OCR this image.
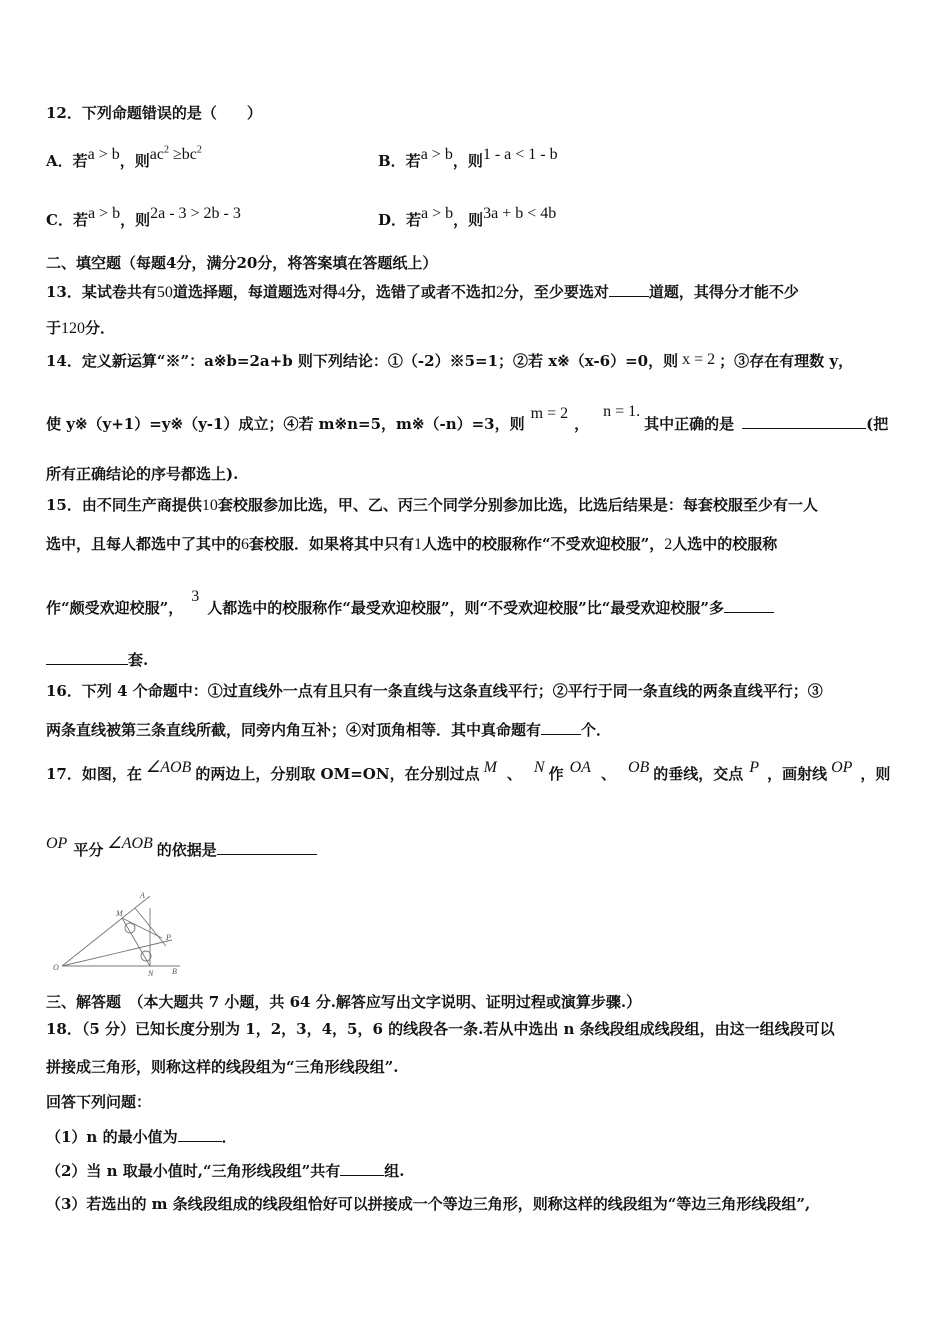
12．下列命题错误的是（　　）
A．若a > b，则$ac^2 \ge bc^2$
B．若a > b，则1 - a < 1 - b
C．若a > b，则2a - 3 > 2b - 3	D．若a > b，则3a + b < 4b
二、填空题（每题4分，满分20分，将答案填在答题纸上）
13．某试卷共有50道选择题，每道题选对得4分，选错了或者不选扣2分，至少要选对	道题，其得分才能不少
于120分．
14．定义新运算“※”：a※b=2a+b 则下列结论：①（-2）※5=1；②若 x※（x-6）=0，则 x = 2 ；③存在有理数 y，
使 y※（y+1）=y※（y-1）成立；④若 m※n=5，m※（-n）=3，则m = 2，n = 1.其中正确的是	(把
所有正确结论的序号都选上).
15．由不同生产商提供10套校服参加比选，甲、乙、丙三个同学分别参加比选，比选后结果是：每套校服至少有一人
选中，且每人都选中了其中的6套校服．如果将其中只有1人选中的校服称作“不受欢迎校服”，2人选中的校服称
作“颇受欢迎校服”，3人都选中的校服称作“最受欢迎校服”，则“不受欢迎校服”比“最受欢迎校服”多
套.
16．下列 4 个命题中：①过直线外一点有且只有一条直线与这条直线平行；②平行于同一条直线的两条直线平行；③
两条直线被第三条直线所截，同旁内角互补；④对顶角相等．其中真命题有	个．
17．如图，在 ∠AOB 的两边上，分别取 OM=ON，在分别过点 M 、 N 作 OA 、 OB 的垂线，交点 P ，画射线 OP ，则
OP 平分 ∠AOB 的依据是
A
M
P
O
N B
三、解答题　（本大题共 7 小题，共 64 分.解答应写出文字说明、证明过程或演算步骤.）
18．（5 分）已知长度分别为 1，2，3，4，5，6 的线段各一条.若从中选出 n 条线段组成线段组，由这一组线段可以
拼接成三角形，则称这样的线段组为“三角形线段组”.
回答下列问题：
（1）n 的最小值为	．
（2）当 n 取最小值时,“三角形线段组”共有	组.
（3）若选出的 m 条线段组成的线段组恰好可以拼接成一个等边三角形，则称这样的线段组为“等边三角形线段组”,
